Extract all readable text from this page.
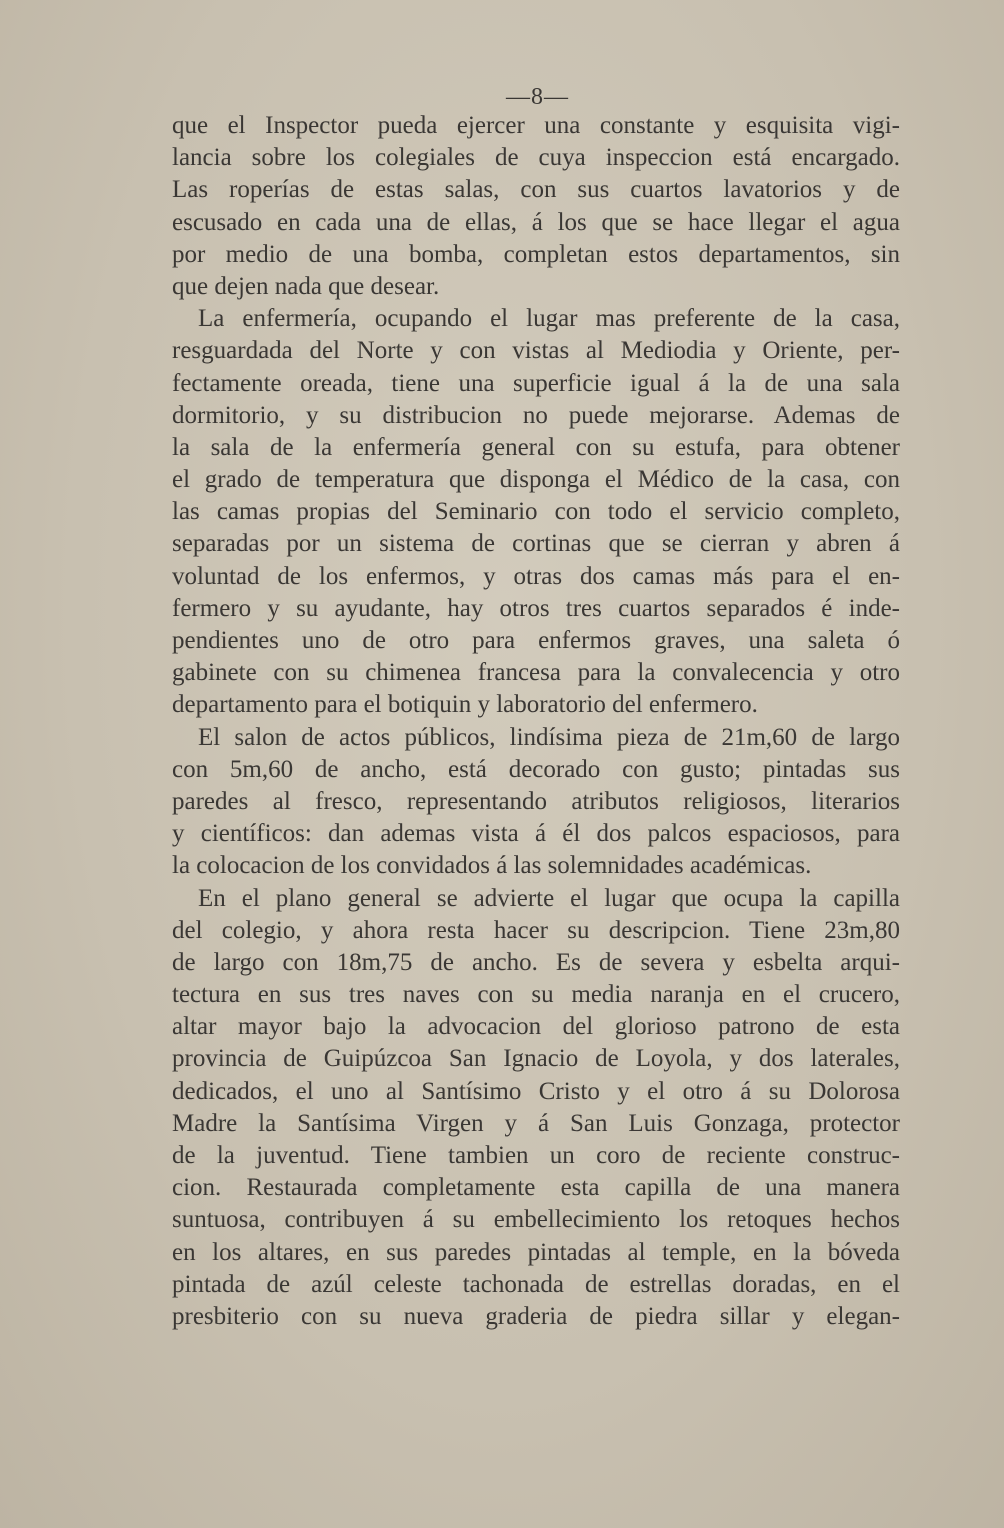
—8—
que el Inspector pueda ejercer una constante y esquisita vigi-
lancia sobre los colegiales de cuya inspeccion está encargado.
Las roperías de estas salas, con sus cuartos lavatorios y de
escusado en cada una de ellas, á los que se hace llegar el agua
por medio de una bomba, completan estos departamentos, sin
que dejen nada que desear.
La enfermería, ocupando el lugar mas preferente de la casa,
resguardada del Norte y con vistas al Mediodia y Oriente, per-
fectamente oreada, tiene una superficie igual á la de una sala
dormitorio, y su distribucion no puede mejorarse. Ademas de
la sala de la enfermería general con su estufa, para obtener
el grado de temperatura que disponga el Médico de la casa, con
las camas propias del Seminario con todo el servicio completo,
separadas por un sistema de cortinas que se cierran y abren á
voluntad de los enfermos, y otras dos camas más para el en-
fermero y su ayudante, hay otros tres cuartos separados é inde-
pendientes uno de otro para enfermos graves, una saleta ó
gabinete con su chimenea francesa para la convalecencia y otro
departamento para el botiquin y laboratorio del enfermero.
El salon de actos públicos, lindísima pieza de 21m,60 de largo
con 5m,60 de ancho, está decorado con gusto; pintadas sus
paredes al fresco, representando atributos religiosos, literarios
y científicos: dan ademas vista á él dos palcos espaciosos, para
la colocacion de los convidados á las solemnidades académicas.
En el plano general se advierte el lugar que ocupa la capilla
del colegio, y ahora resta hacer su descripcion. Tiene 23m,80
de largo con 18m,75 de ancho. Es de severa y esbelta arqui-
tectura en sus tres naves con su media naranja en el crucero,
altar mayor bajo la advocacion del glorioso patrono de esta
provincia de Guipúzcoa San Ignacio de Loyola, y dos laterales,
dedicados, el uno al Santísimo Cristo y el otro á su Dolorosa
Madre la Santísima Virgen y á San Luis Gonzaga, protector
de la juventud. Tiene tambien un coro de reciente construc-
cion. Restaurada completamente esta capilla de una manera
suntuosa, contribuyen á su embellecimiento los retoques hechos
en los altares, en sus paredes pintadas al temple, en la bóveda
pintada de azúl celeste tachonada de estrellas doradas, en el
presbiterio con su nueva graderia de piedra sillar y elegan-
